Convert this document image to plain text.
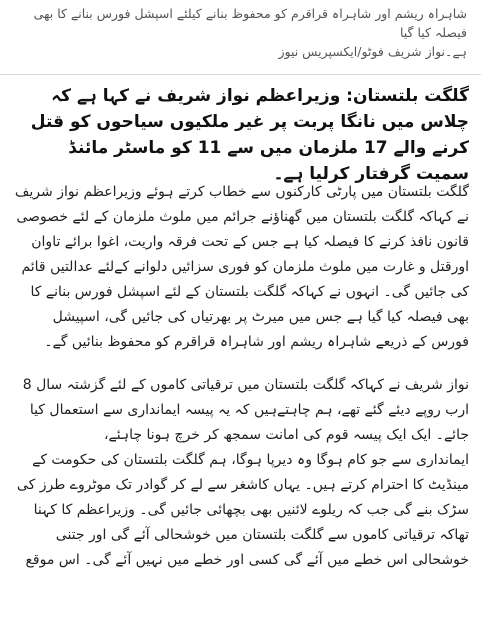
شاہراہ ریشم اور شاہراہ قراقرم کو محفوظ بنانے کیلئے اسپشل فورس بنانے کا بھی فیصلہ کیا گیا
ہے۔نواز شریف فوٹو/ایکسپریس نیوز
گلگت بلتستان: وزیراعظم نواز شریف نے کہا ہے کہ چلاس میں نانگا پربت پر غیر ملکیوں سیاحوں کو قتل کرنے والے 17 ملزمان میں سے 11 کو ماسٹر مائنڈ سمیت گرفتار کرلیا ہے۔

گلگت بلتستان میں پارٹی کارکنوں سے خطاب کرتے ہوئے وزیراعظم نواز شریف نے کہاکہ گلگت بلتستان میں گھناؤنے جرائم میں ملوث ملزمان کے لئے خصوصی قانون نافذ کرنے کا فیصلہ کیا ہے جس کے تحت فرقہ واریت، اغوا برائے تاوان اورقتل و غارت میں ملوث ملزمان کو فوری سزائیں دلوانے کےلئے عدالتیں قائم کی جائیں گی۔ انہوں نے کہاکہ گلگت بلتستان کے لئے اسپشل فورس بنانے کا بھی فیصلہ کیا گیا ہے جس میں میرٹ پر بھرتیاں کی جائیں گی، اسپیشل فورس کے ذریعے شاہراہ ریشم اور شاہراہ قراقرم کو محفوظ بنائیں گے۔

نواز شریف نے کہاکہ گلگت بلتستان میں ترقیاتی کاموں کے لئے گزشتہ سال 8 ارب روپے دیئے گئے تھے، ہم چاہتےہیں کہ یہ پیسہ ایمانداری سے استعمال کیا جائے۔ ایک ایک پیسہ قوم کی امانت سمجھ کر خرچ ہونا چاہئے،

ایمانداری سے جو کام ہوگا وہ دیرپا ہوگا، ہم گلگت بلتستان کی حکومت کے مینڈیٹ کا احترام کرتے ہیں۔ یہاں کاشغر سے لے کر گوادر تک موٹروے طرز کی سڑک بنے گی جب کہ ریلوے لائنیں بھی بچھائی جائیں گی۔ وزیراعظم کا کہنا تھاکہ ترقیاتی کاموں سے گلگت بلتستان میں خوشحالی آئے گی اور جتنی خوشحالی اس خطے میں آئے گی کسی اور خطے میں نہیں آئے گی۔ اس موقع
